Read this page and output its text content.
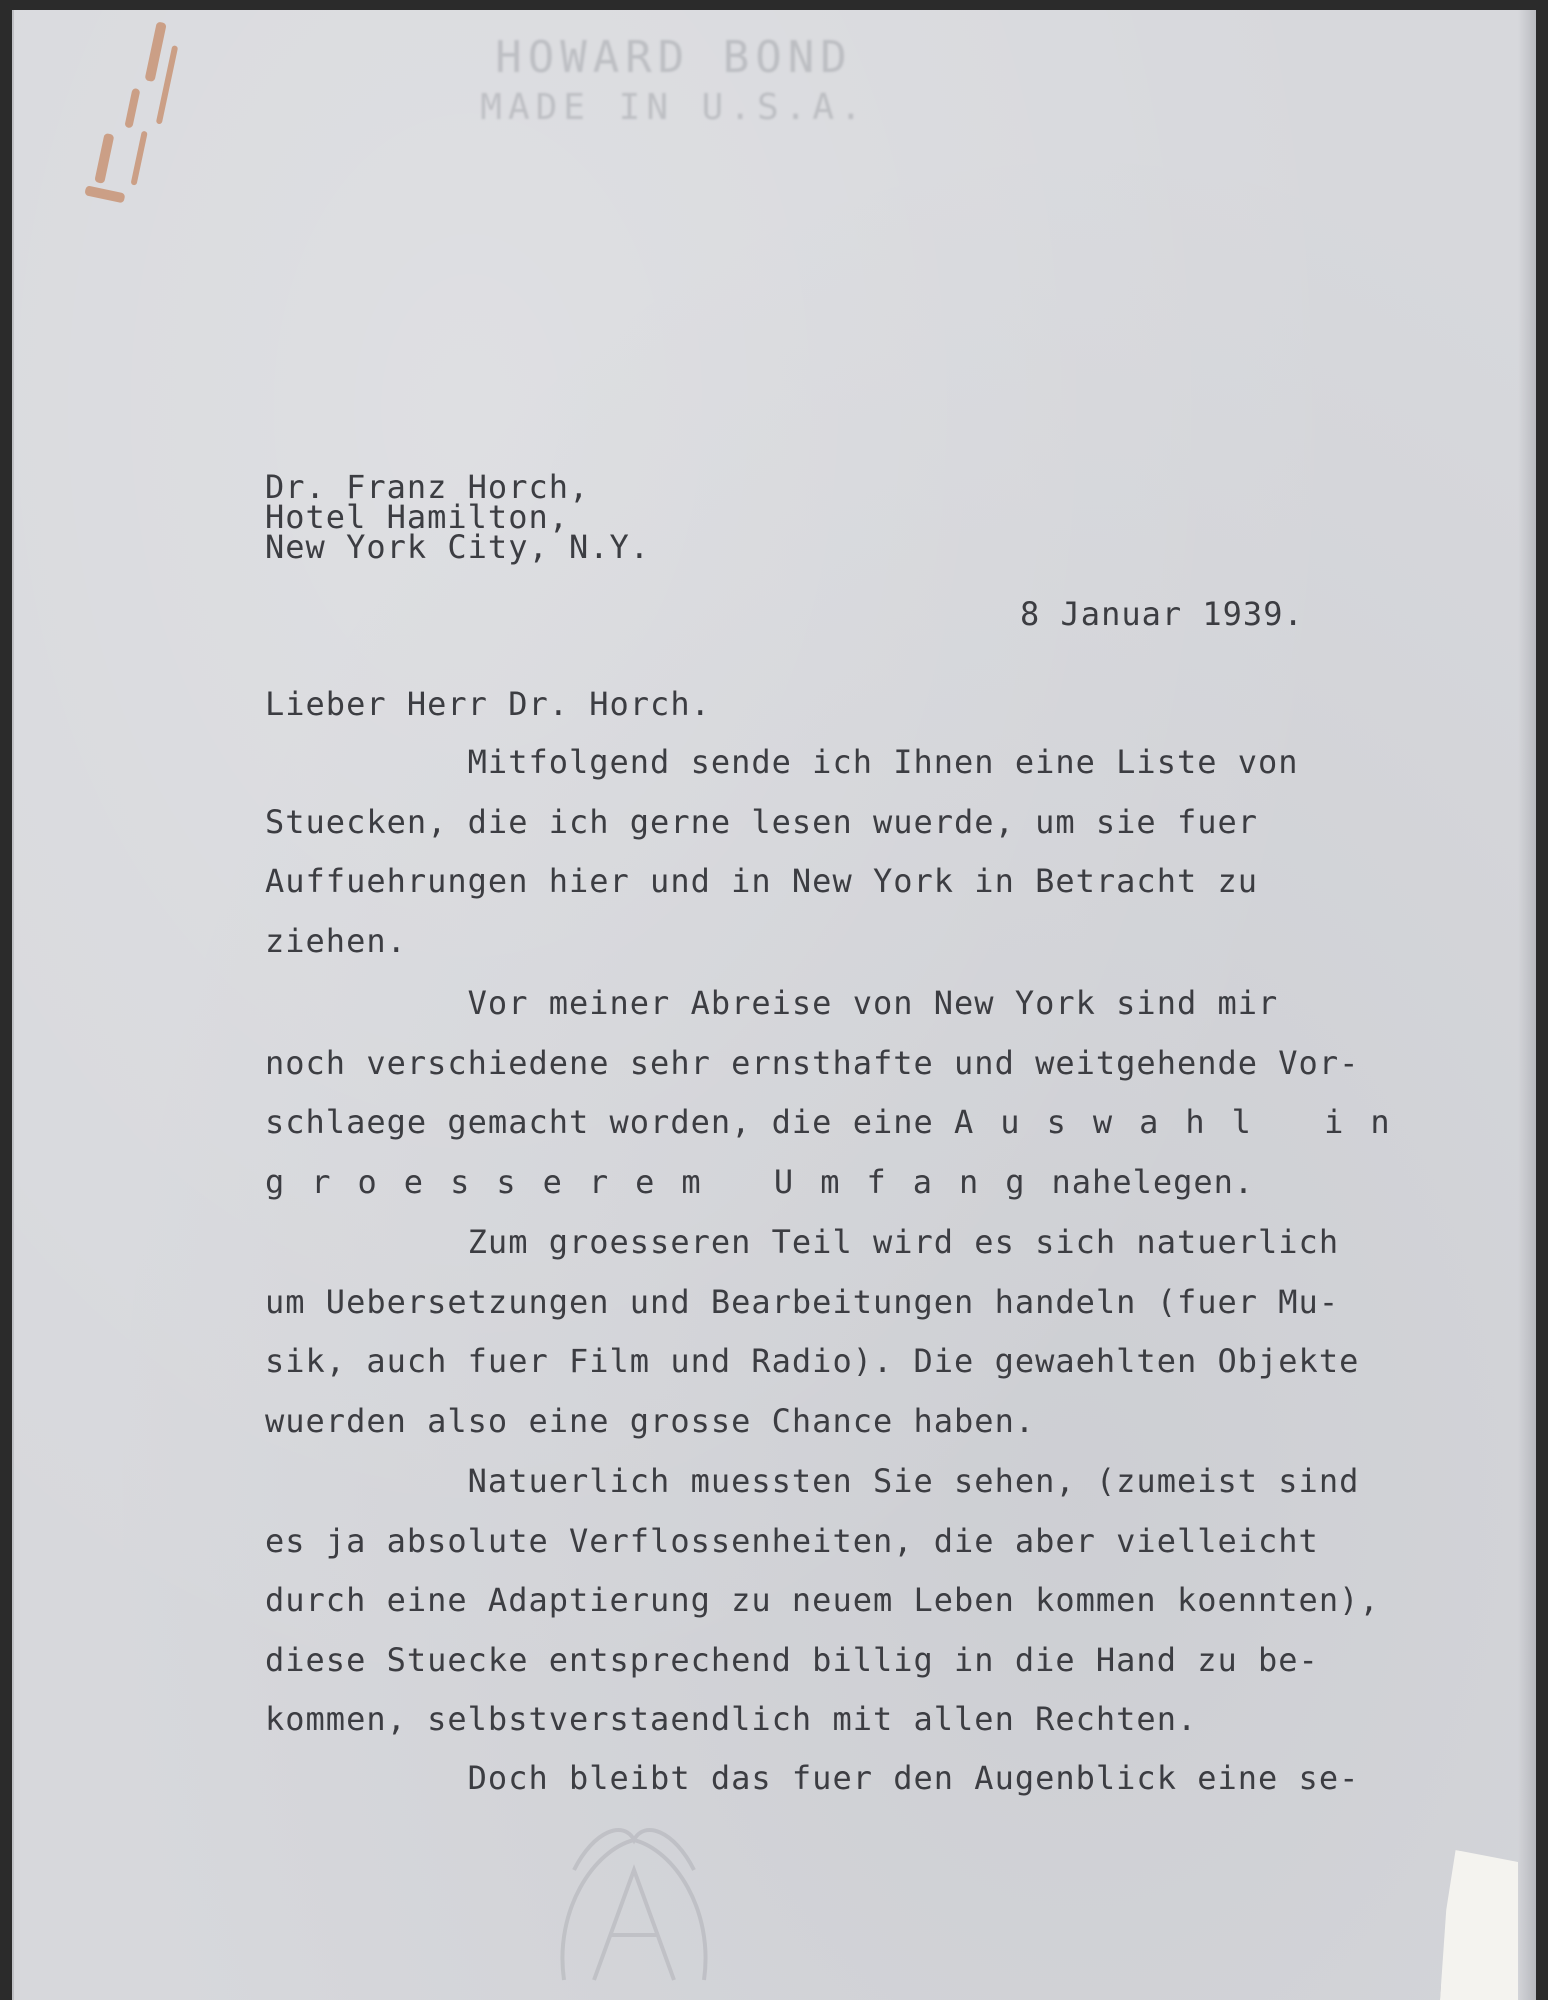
HOWARD BOND
MADE IN U.S.A.
Dr. Franz Horch,
Hotel Hamilton,
New York City, N.Y.
8 Januar 1939.
Lieber Herr Dr. Horch.
Mitfolgend sende ich Ihnen eine Liste von
Stuecken, die ich gerne lesen wuerde, um sie fuer
Auffuehrungen hier und in New York in Betracht zu
ziehen.
Vor meiner Abreise von New York sind mir
noch verschiedene sehr ernsthafte und weitgehende Vor-
schlaege gemacht worden, die eine Auswahl in
groesserem Umfangnahelegen.
Zum groesseren Teil wird es sich natuerlich
um Uebersetzungen und Bearbeitungen handeln (fuer Mu-
sik, auch fuer Film und Radio). Die gewaehlten Objekte
wuerden also eine grosse Chance haben.
Natuerlich muessten Sie sehen, (zumeist sind
es ja absolute Verflossenheiten, die aber vielleicht
durch eine Adaptierung zu neuem Leben kommen koennten),
diese Stuecke entsprechend billig in die Hand zu be-
kommen, selbstverstaendlich mit allen Rechten.
Doch bleibt das fuer den Augenblick eine se-
